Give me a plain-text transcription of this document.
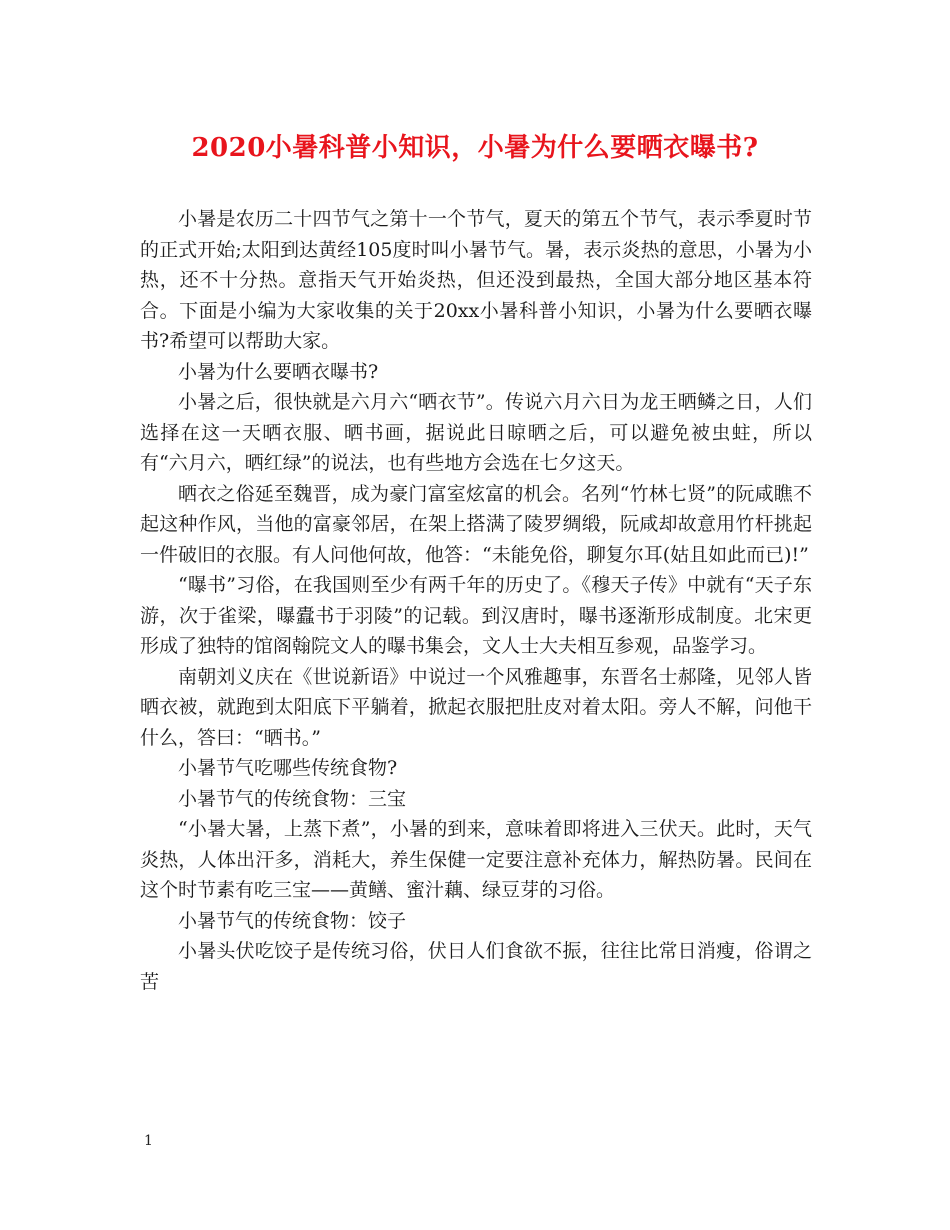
2020小暑科普小知识，小暑为什么要晒衣曝书?

小暑是农历二十四节气之第十一个节气，夏天的第五个节气，表示季夏时节的正式开始;太阳到达黄经105度时叫小暑节气。暑，表示炎热的意思，小暑为小热，还不十分热。意指天气开始炎热，但还没到最热，全国大部分地区基本符合。下面是小编为大家收集的关于20xx小暑科普小知识，小暑为什么要晒衣曝书?希望可以帮助大家。

小暑为什么要晒衣曝书?

小暑之后，很快就是六月六“晒衣节”。传说六月六日为龙王晒鳞之日，人们选择在这一天晒衣服、晒书画，据说此日晾晒之后，可以避免被虫蛀，所以有“六月六，晒红绿”的说法，也有些地方会选在七夕这天。

晒衣之俗延至魏晋，成为豪门富室炫富的机会。名列“竹林七贤”的阮咸瞧不起这种作风，当他的富豪邻居，在架上搭满了陵罗绸缎，阮咸却故意用竹杆挑起一件破旧的衣服。有人问他何故，他答：“未能免俗，聊复尔耳(姑且如此而已)!”

“曝书”习俗，在我国则至少有两千年的历史了。《穆天子传》中就有“天子东游，次于雀梁，曝蠹书于羽陵”的记载。到汉唐时，曝书逐渐形成制度。北宋更形成了独特的馆阁翰院文人的曝书集会，文人士大夫相互参观，品鉴学习。

南朝刘义庆在《世说新语》中说过一个风雅趣事，东晋名士郝隆，见邻人皆晒衣被，就跑到太阳底下平躺着，掀起衣服把肚皮对着太阳。旁人不解，问他干什么，答曰：“晒书。”

小暑节气吃哪些传统食物?

小暑节气的传统食物：三宝

“小暑大暑，上蒸下煮”，小暑的到来，意味着即将进入三伏天。此时，天气炎热，人体出汗多，消耗大，养生保健一定要注意补充体力，解热防暑。民间在这个时节素有吃三宝——黄鳝、蜜汁藕、绿豆芽的习俗。

小暑节气的传统食物：饺子

小暑头伏吃饺子是传统习俗，伏日人们食欲不振，往往比常日消瘦，俗谓之苦

1
